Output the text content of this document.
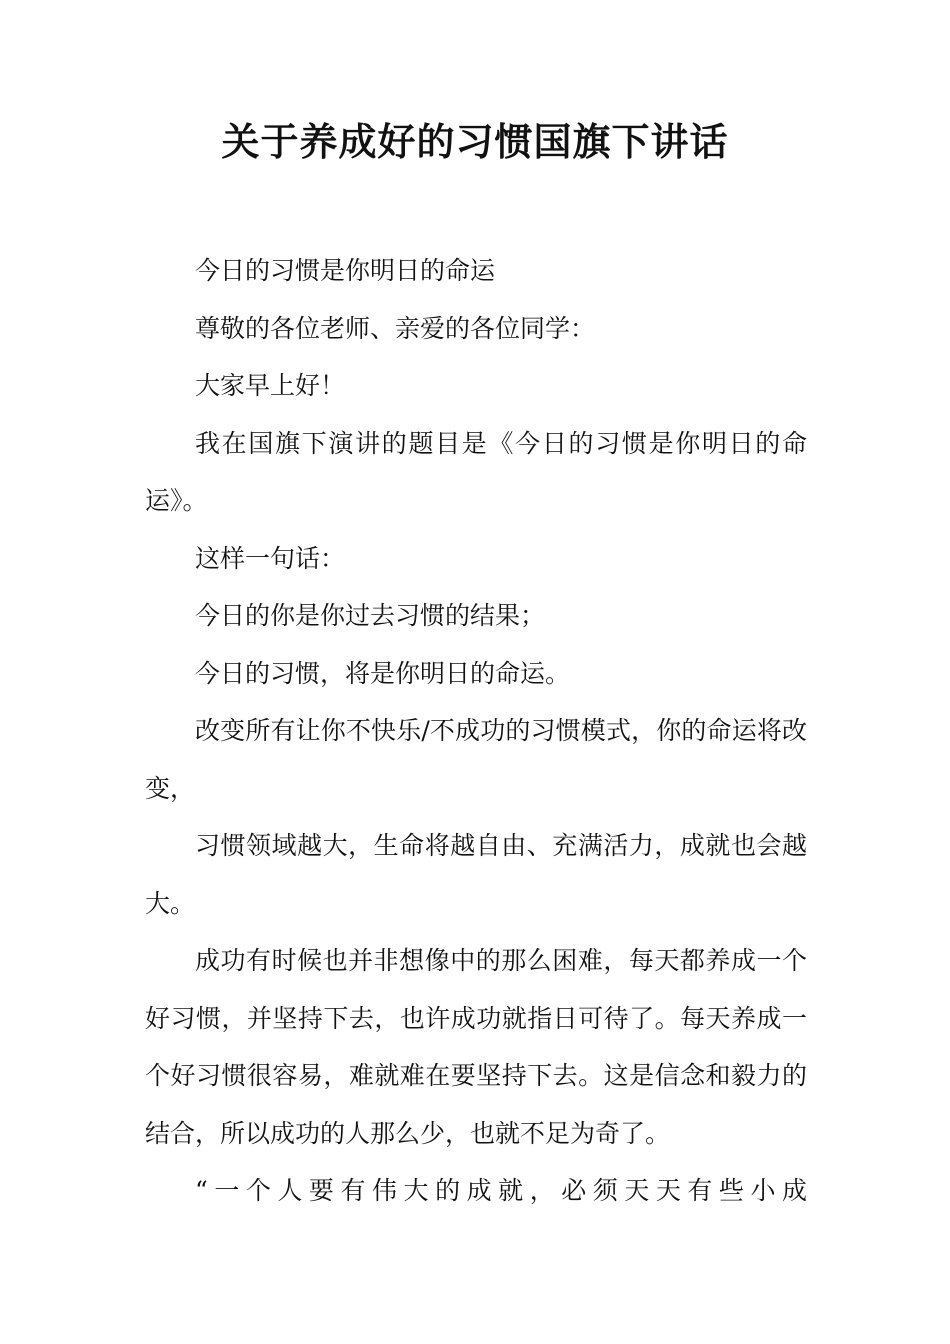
关于养成好的习惯国旗下讲话

今日的习惯是你明日的命运

尊敬的各位老师、亲爱的各位同学：

大家早上好！

我在国旗下演讲的题目是《今日的习惯是你明日的命运》。

这样一句话：

今日的你是你过去习惯的结果；

今日的习惯，将是你明日的命运。

改变所有让你不快乐/不成功的习惯模式，你的命运将改变，

习惯领域越大，生命将越自由、充满活力，成就也会越大。

成功有时候也并非想像中的那么困难，每天都养成一个好习惯，并坚持下去，也许成功就指日可待了。每天养成一个好习惯很容易，难就难在要坚持下去。这是信念和毅力的结合，所以成功的人那么少，也就不足为奇了。

“一个人要有伟大的成就，必须天天有些小成
